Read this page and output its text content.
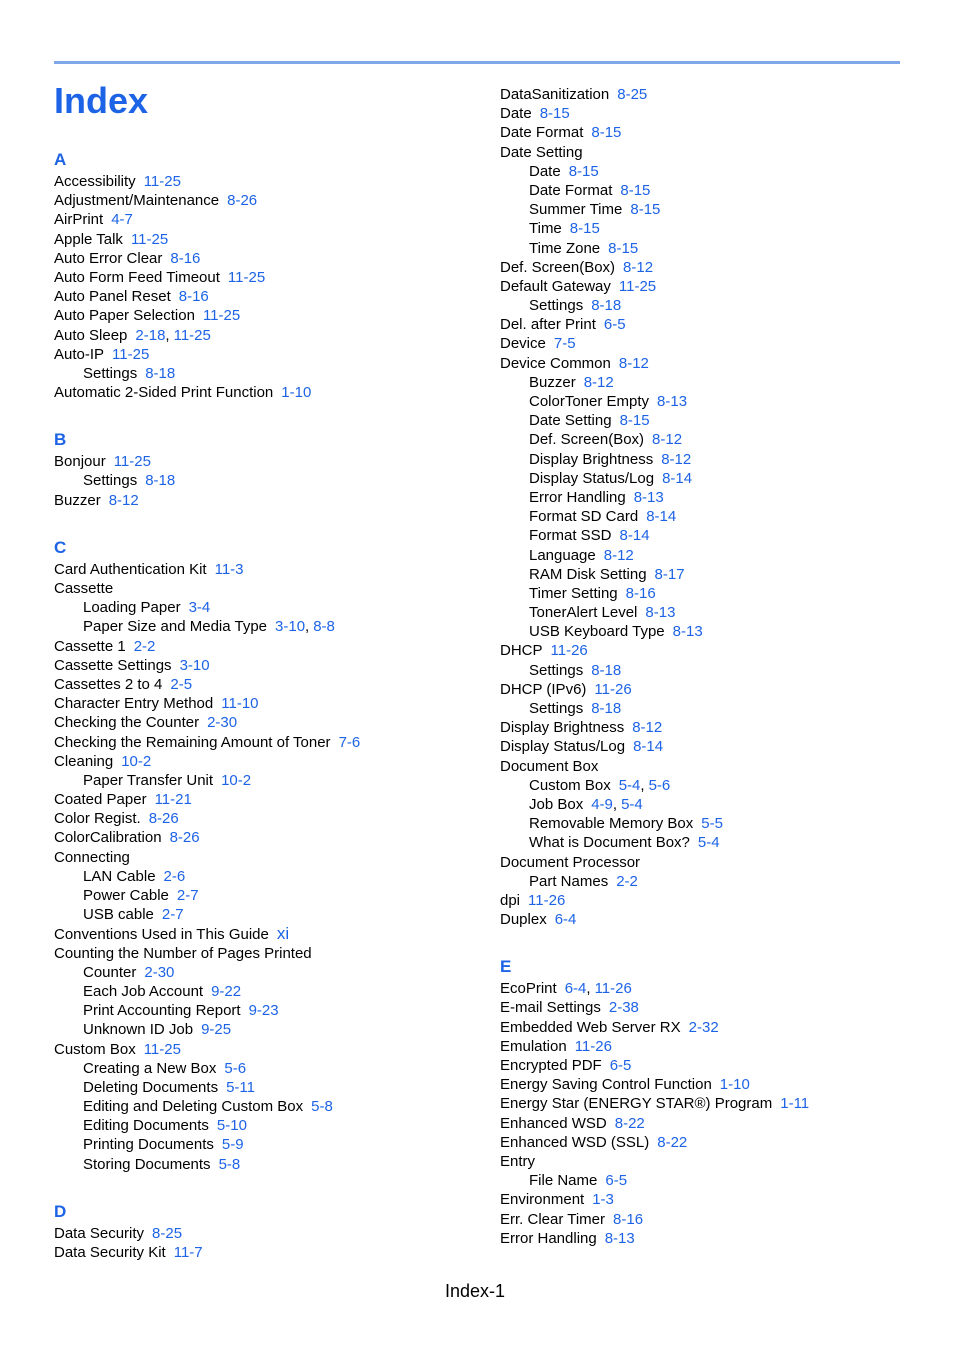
Index
A
Accessibility 11-25
Adjustment/Maintenance 8-26
AirPrint 4-7
Apple Talk 11-25
Auto Error Clear 8-16
Auto Form Feed Timeout 11-25
Auto Panel Reset 8-16
Auto Paper Selection 11-25
Auto Sleep 2-18, 11-25
Auto-IP 11-25
Settings 8-18
Automatic 2-Sided Print Function 1-10
B
Bonjour 11-25
Settings 8-18
Buzzer 8-12
C
Card Authentication Kit 11-3
Cassette
Loading Paper 3-4
Paper Size and Media Type 3-10, 8-8
Cassette 1 2-2
Cassette Settings 3-10
Cassettes 2 to 4 2-5
Character Entry Method 11-10
Checking the Counter 2-30
Checking the Remaining Amount of Toner 7-6
Cleaning 10-2
Paper Transfer Unit 10-2
Coated Paper 11-21
Color Regist. 8-26
ColorCalibration 8-26
Connecting
LAN Cable 2-6
Power Cable 2-7
USB cable 2-7
Conventions Used in This Guide xi
Counting the Number of Pages Printed
Counter 2-30
Each Job Account 9-22
Print Accounting Report 9-23
Unknown ID Job 9-25
Custom Box 11-25
Creating a New Box 5-6
Deleting Documents 5-11
Editing and Deleting Custom Box 5-8
Editing Documents 5-10
Printing Documents 5-9
Storing Documents 5-8
D
Data Security 8-25
Data Security Kit 11-7
DataSanitization 8-25
Date 8-15
Date Format 8-15
Date Setting
Date 8-15
Date Format 8-15
Summer Time 8-15
Time 8-15
Time Zone 8-15
Def. Screen(Box) 8-12
Default Gateway 11-25
Settings 8-18
Del. after Print 6-5
Device 7-5
Device Common 8-12
Buzzer 8-12
ColorToner Empty 8-13
Date Setting 8-15
Def. Screen(Box) 8-12
Display Brightness 8-12
Display Status/Log 8-14
Error Handling 8-13
Format SD Card 8-14
Format SSD 8-14
Language 8-12
RAM Disk Setting 8-17
Timer Setting 8-16
TonerAlert Level 8-13
USB Keyboard Type 8-13
DHCP 11-26
Settings 8-18
DHCP (IPv6) 11-26
Settings 8-18
Display Brightness 8-12
Display Status/Log 8-14
Document Box
Custom Box 5-4, 5-6
Job Box 4-9, 5-4
Removable Memory Box 5-5
What is Document Box? 5-4
Document Processor
Part Names 2-2
dpi 11-26
Duplex 6-4
E
EcoPrint 6-4, 11-26
E-mail Settings 2-38
Embedded Web Server RX 2-32
Emulation 11-26
Encrypted PDF 6-5
Energy Saving Control Function 1-10
Energy Star (ENERGY STAR®) Program 1-11
Enhanced WSD 8-22
Enhanced WSD (SSL) 8-22
Entry
File Name 6-5
Environment 1-3
Err. Clear Timer 8-16
Error Handling 8-13
Index-1
